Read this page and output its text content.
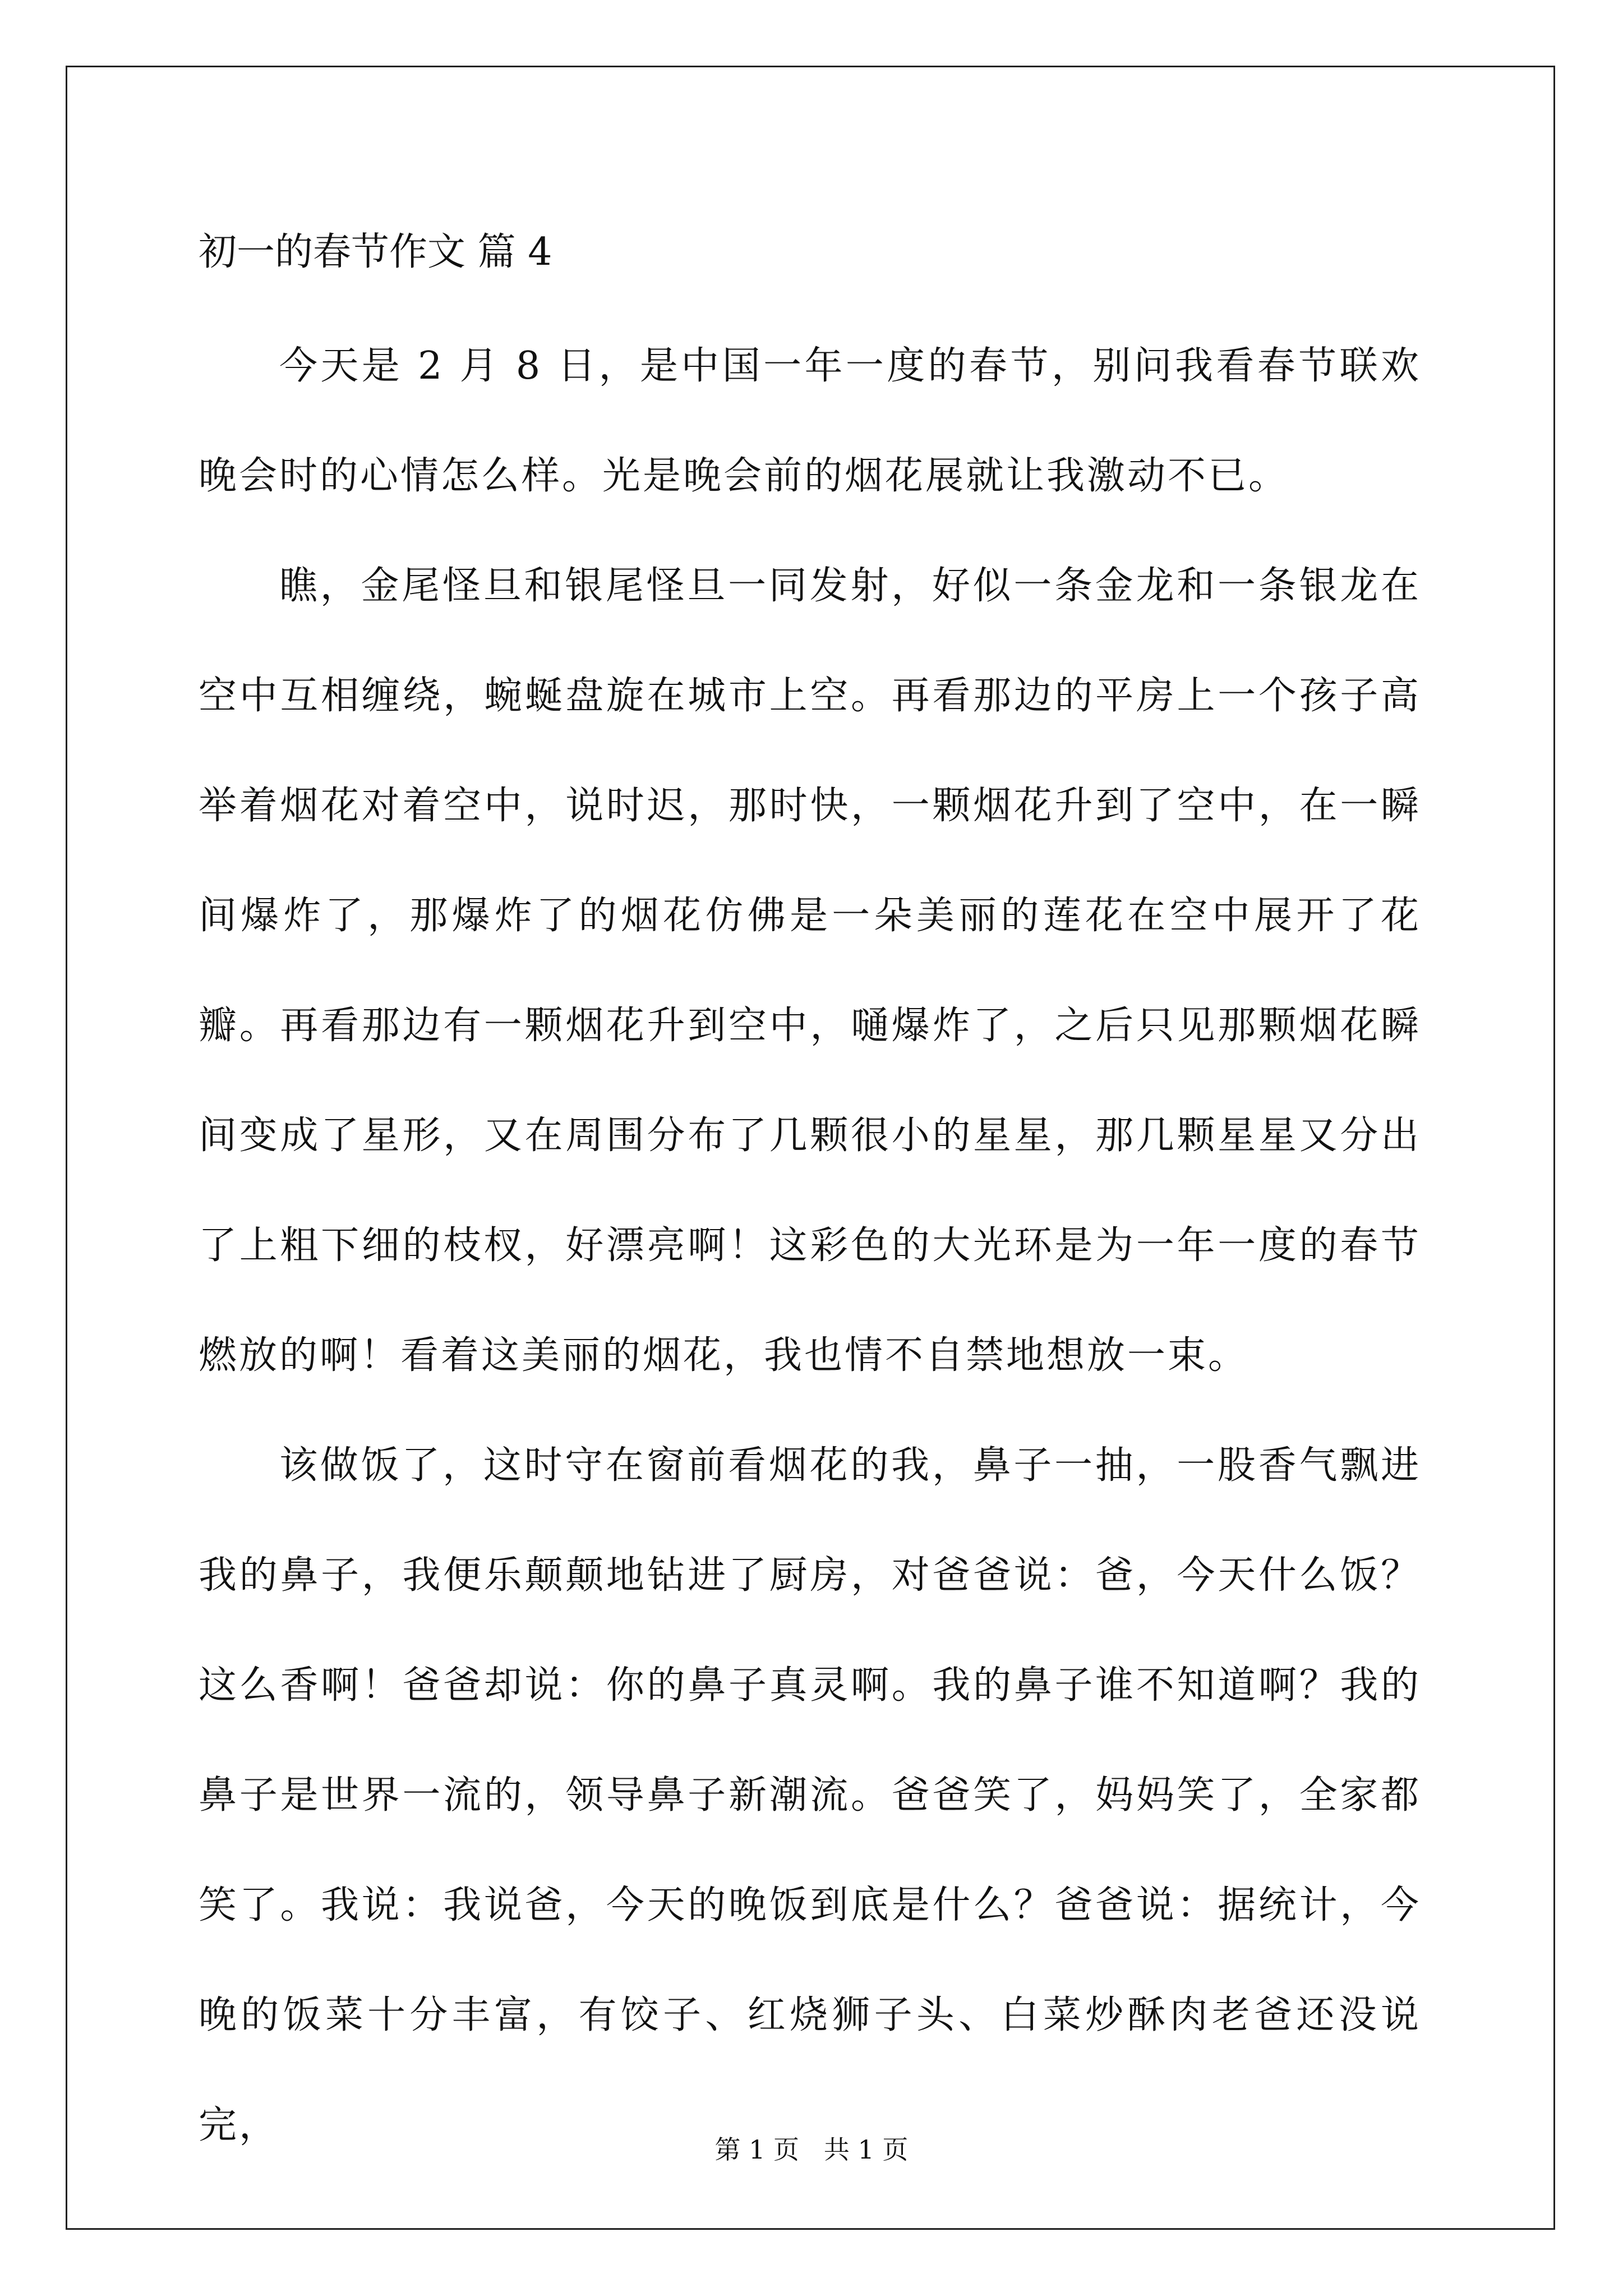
初一的春节作文 篇 4

今天是 2 月 8 日，是中国一年一度的春节，别问我看春节联欢晚会时的心情怎么样。光是晚会前的烟花展就让我激动不已。

瞧，金尾怪旦和银尾怪旦一同发射，好似一条金龙和一条银龙在空中互相缠绕，蜿蜒盘旋在城市上空。再看那边的平房上一个孩子高举着烟花对着空中，说时迟，那时快，一颗烟花升到了空中，在一瞬间爆炸了，那爆炸了的烟花仿佛是一朵美丽的莲花在空中展开了花瓣。再看那边有一颗烟花升到空中，嗵爆炸了，之后只见那颗烟花瞬间变成了星形，又在周围分布了几颗很小的星星，那几颗星星又分出了上粗下细的枝杈，好漂亮啊！这彩色的大光环是为一年一度的春节燃放的啊！看着这美丽的烟花，我也情不自禁地想放一束。

该做饭了，这时守在窗前看烟花的我，鼻子一抽，一股香气飘进我的鼻子，我便乐颠颠地钻进了厨房，对爸爸说：爸，今天什么饭？这么香啊！爸爸却说：你的鼻子真灵啊。我的鼻子谁不知道啊？我的鼻子是世界一流的，领导鼻子新潮流。爸爸笑了，妈妈笑了，全家都笑了。我说：我说爸，今天的晚饭到底是什么？爸爸说：据统计，今晚的饭菜十分丰富，有饺子、红烧狮子头、白菜炒酥肉老爸还没说完，

第 1 页   共 1 页
